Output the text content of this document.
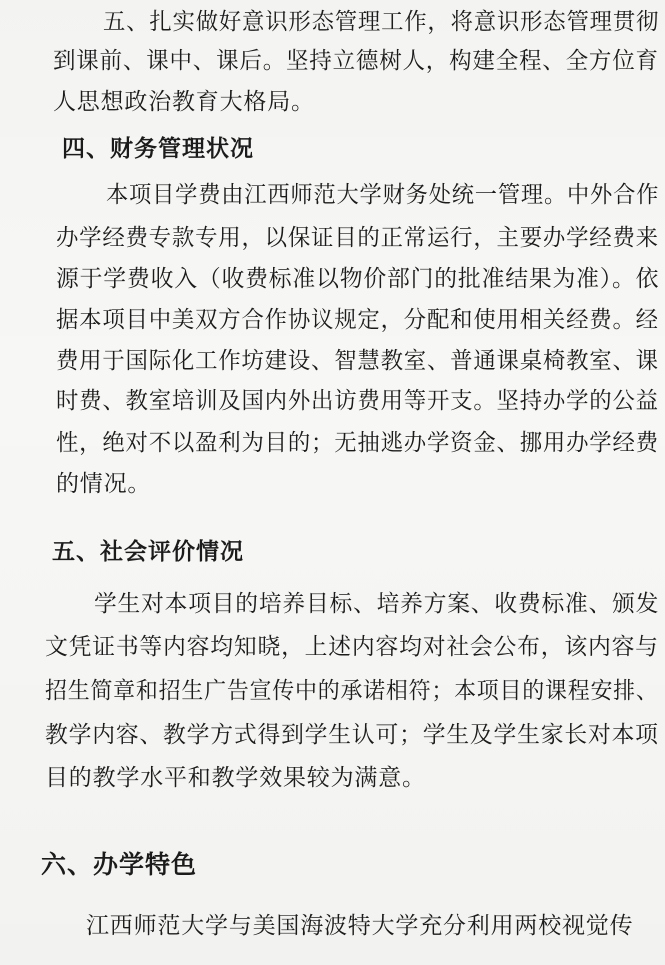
五、扎实做好意识形态管理工作，将意识形态管理贯彻
到课前、课中、课后。坚持立德树人，构建全程、全方位育
人思想政治教育大格局。
四、财务管理状况
本项目学费由江西师范大学财务处统一管理。中外合作
办学经费专款专用，以保证目的正常运行，主要办学经费来
源于学费收入（收费标准以物价部门的批准结果为准）。依
据本项目中美双方合作协议规定，分配和使用相关经费。经
费用于国际化工作坊建设、智慧教室、普通课桌椅教室、课
时费、教室培训及国内外出访费用等开支。坚持办学的公益
性，绝对不以盈利为目的；无抽逃办学资金、挪用办学经费
的情况。
五、社会评价情况
学生对本项目的培养目标、培养方案、收费标准、颁发
文凭证书等内容均知晓，上述内容均对社会公布，该内容与
招生简章和招生广告宣传中的承诺相符；本项目的课程安排、
教学内容、教学方式得到学生认可；学生及学生家长对本项
目的教学水平和教学效果较为满意。
六、办学特色
江西师范大学与美国海波特大学充分利用两校视觉传
